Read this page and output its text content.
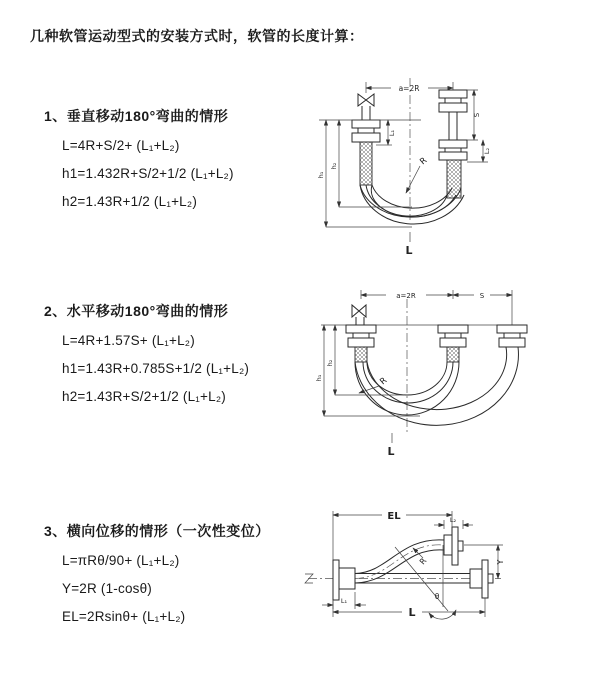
几种软管运动型式的安装方式时，软管的长度计算：
1、垂直移动180°弯曲的情形
L=4R+S/2+ (L₁+L₂)
h1=1.432R+S/2+1/2 (L₁+L₂)
h2=1.43R+1/2 (L₁+L₂)
2、水平移动180°弯曲的情形
L=4R+1.57S+ (L₁+L₂)
h1=1.43R+0.785S+1/2 (L₁+L₂)
h2=1.43R+S/2+1/2 (L₁+L₂)
3、横向位移的情形（一次性变位）
L=πRθ/90+ (L₁+L₂)
Y=2R (1-cosθ)
EL=2Rsinθ+ (L₁+L₂)
a=2R
L₁
S
L₂
h₁
h₂	R
L
a=2R	S
h₁
h₂
R
L
EL	L₂
Y
R
θ
L₁
L
